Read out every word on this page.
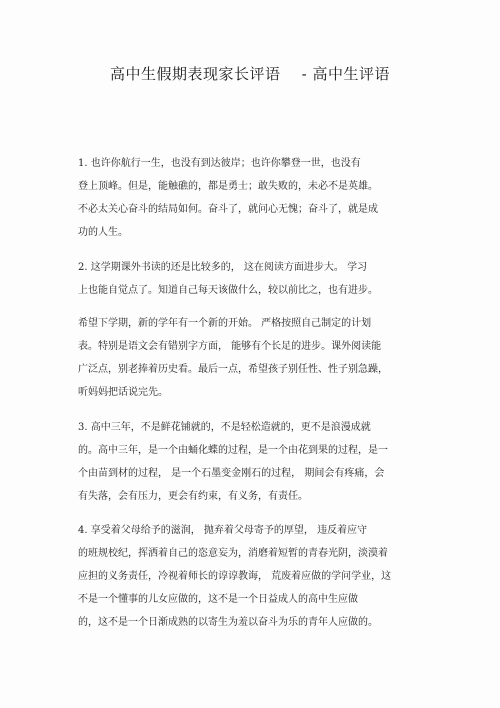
高中生假期表现家长评语    - 高中生评语
1. 也许你航行一生，也没有到达彼岸；也许你攀登一世，也没有
登上顶峰。但是，能触礁的，都是勇士；敢失败的，未必不是英雄。
不必太关心奋斗的结局如何。奋斗了，就问心无愧；奋斗了，就是成
功的人生。
2. 这学期课外书读的还是比较多的， 这在阅读方面进步大。 学习
上也能自觉点了。知道自己每天该做什么，较以前比之，也有进步。
希望下学期，新的学年有一个新的开始。 严格按照自己制定的计划
表。特别是语文会有错别字方面， 能够有个长足的进步。课外阅读能
广泛点，别老捧着历史看。最后一点，希望孩子别任性、性子别急躁，
听妈妈把话说完先。
3. 高中三年，不是鲜花铺就的，不是轻松造就的，更不是浪漫成就
的。高中三年，是一个由蛹化蝶的过程，是一个由花到果的过程，是一
个由苗到材的过程， 是一个石墨变金刚石的过程， 期间会有疼痛，会
有失落，会有压力，更会有约束，有义务，有责任。
4. 享受着父母给予的滋润， 抛弃着父母寄予的厚望， 违反着应守
的班规校纪，挥洒着自己的恣意妄为，消磨着短暂的青春光阴，淡漠着
应担的义务责任，冷视着师长的谆谆教诲， 荒废着应做的学问学业，这
不是一个懂事的儿女应做的，这不是一个日益成人的高中生应做
的，这不是一个日渐成熟的以寄生为羞以奋斗为乐的青年人应做的。
